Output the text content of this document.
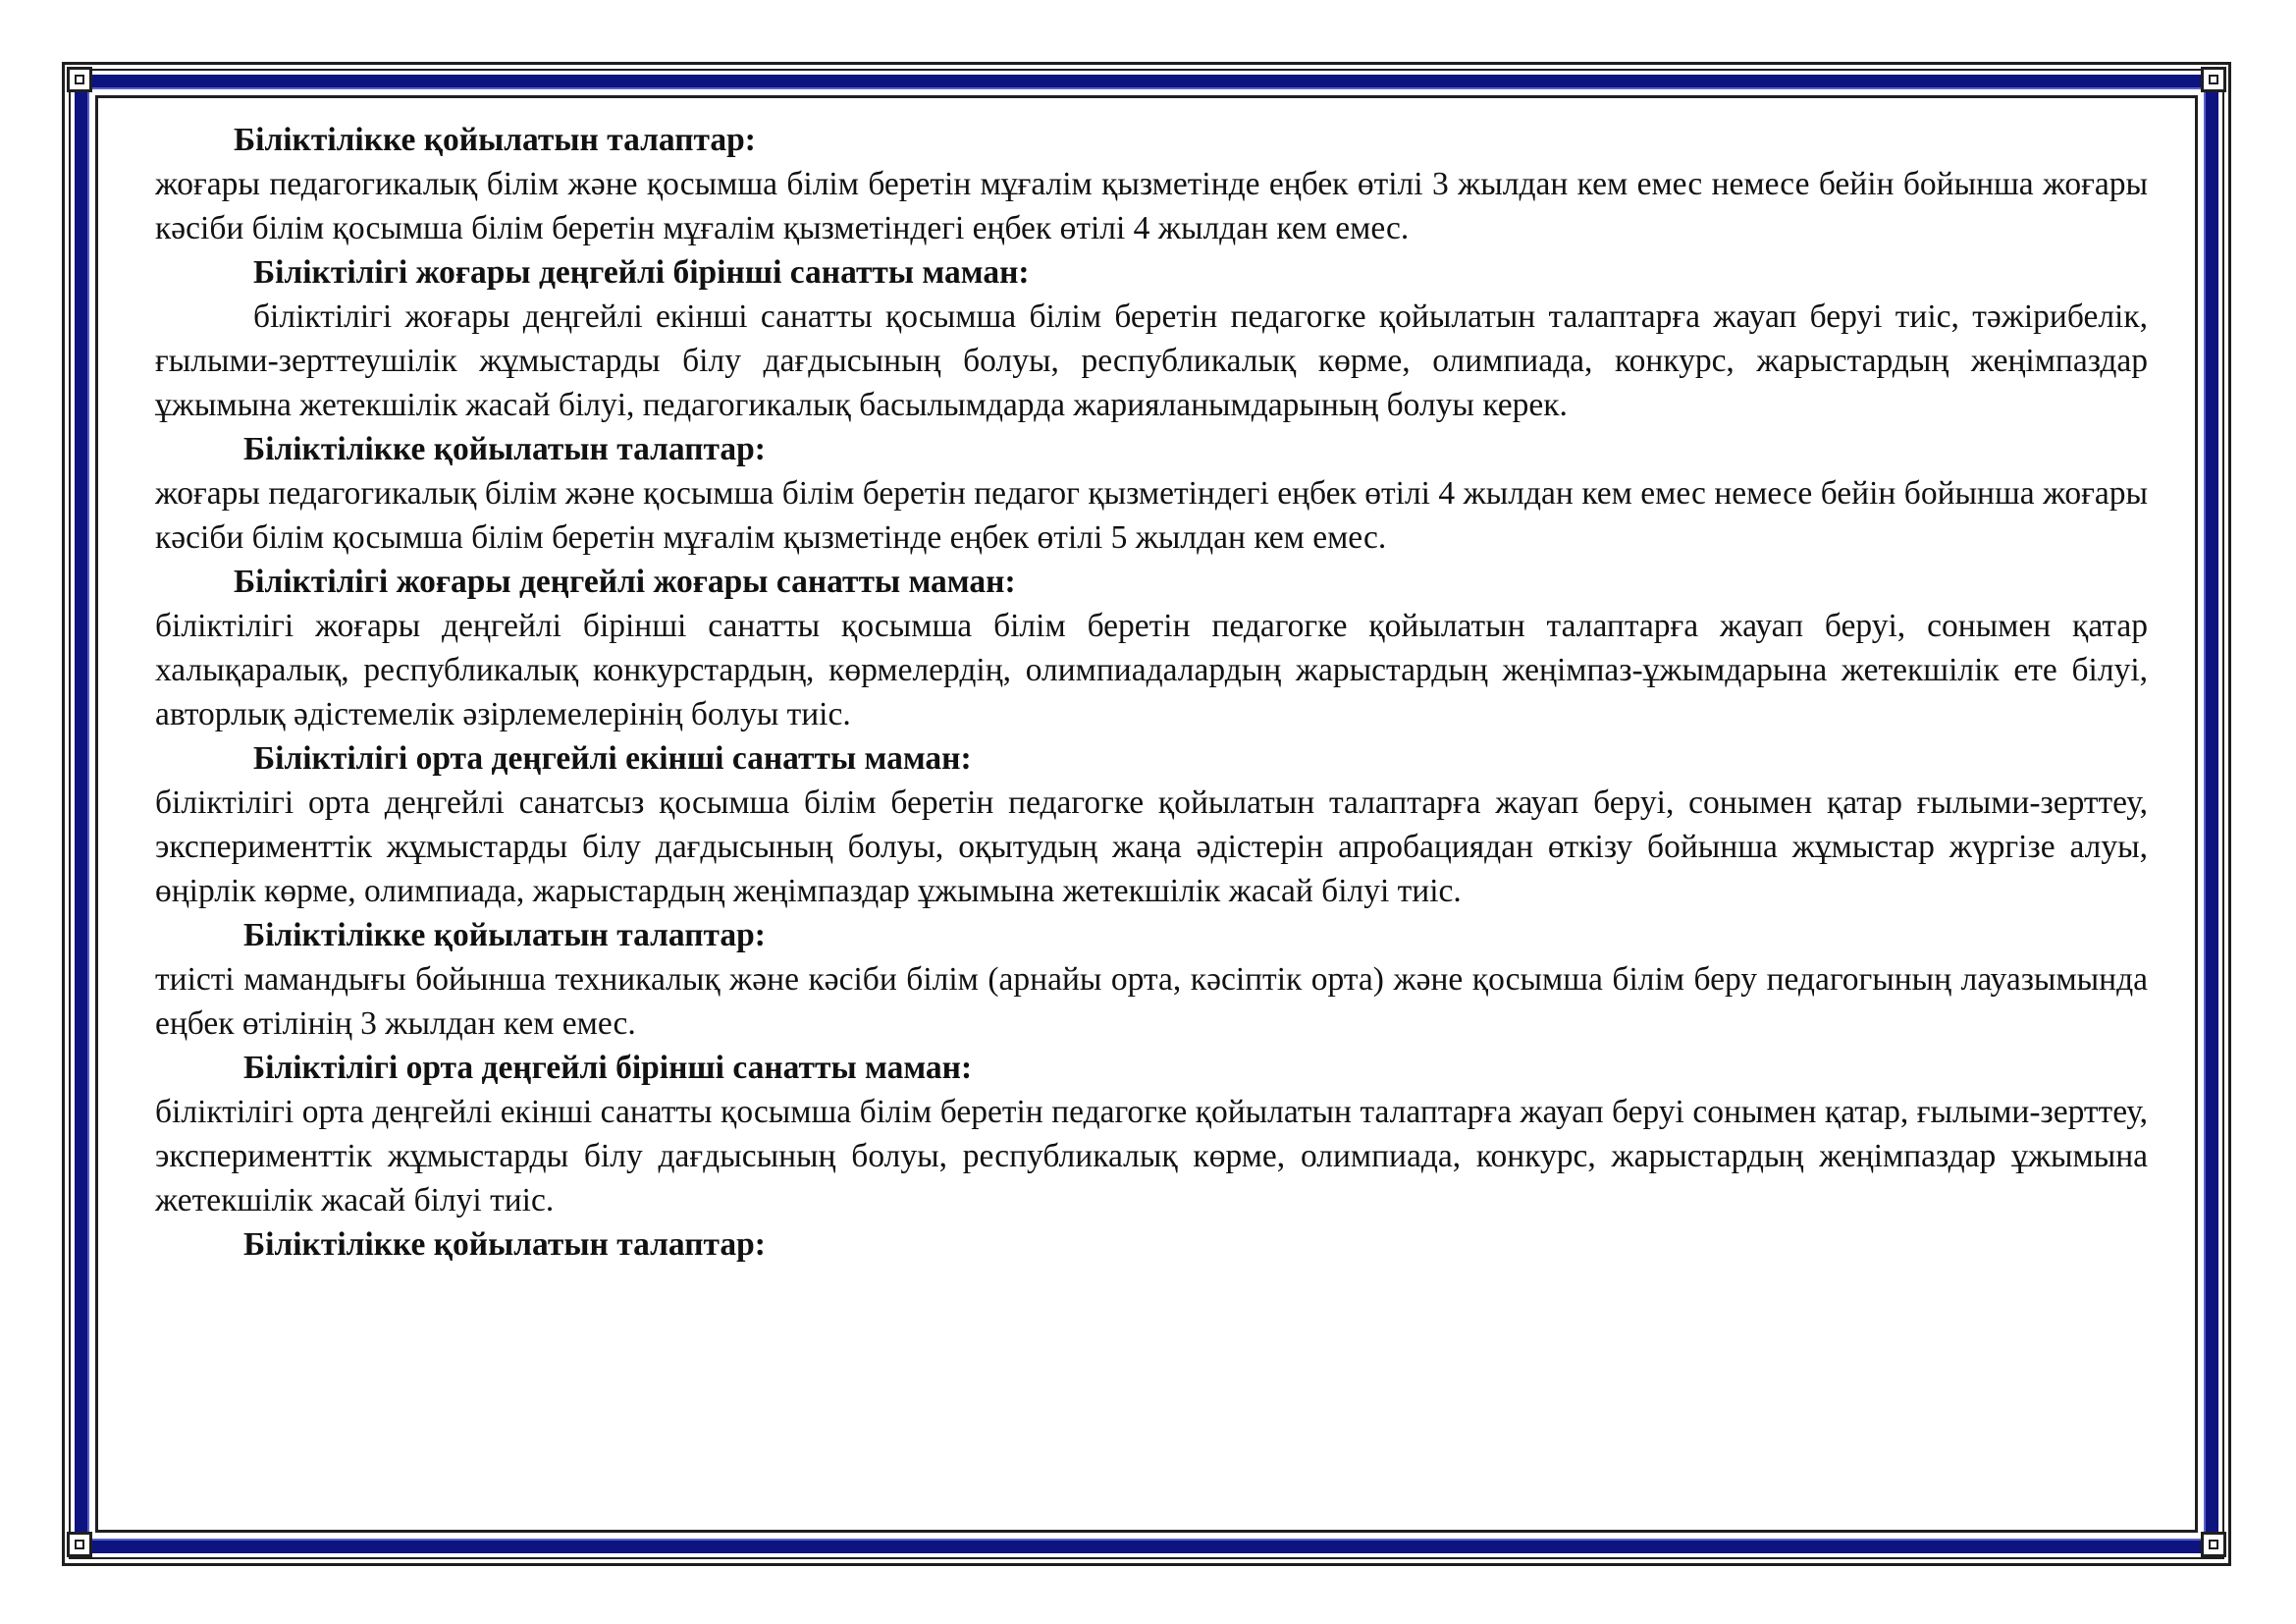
Біліктілікке қойылатын талаптар:

жоғары педагогикалық білім және қосымша білім беретін мұғалім қызметінде еңбек өтілі 3 жылдан кем емес немесе бейін бойынша жоғары кәсіби білім қосымша білім беретін мұғалім қызметіндегі еңбек өтілі 4 жылдан кем емес.

Біліктілігі жоғары деңгейлі бірінші санатты маман:

біліктілігі жоғары деңгейлі екінші санатты қосымша білім беретін педагогке қойылатын талаптарға жауап беруі тиіс, тәжірибелік, ғылыми-зерттеушілік жұмыстарды білу дағдысының болуы, республикалық көрме, олимпиада, конкурс, жарыстардың жеңімпаздар ұжымына жетекшілік жасай білуі, педагогикалық басылымдарда жарияланымдарының болуы керек.

Біліктілікке қойылатын талаптар:

жоғары педагогикалық білім және қосымша білім беретін педагог қызметіндегі еңбек өтілі 4 жылдан кем емес немесе бейін бойынша жоғары кәсіби білім қосымша білім беретін мұғалім қызметінде еңбек өтілі 5 жылдан кем емес.

Біліктілігі жоғары деңгейлі жоғары санатты маман:

біліктілігі жоғары деңгейлі бірінші санатты қосымша білім беретін педагогке қойылатын талаптарға жауап беруі, сонымен қатар халықаралық, республикалық конкурстардың, көрмелердің, олимпиадалардың жарыстардың жеңімпаз-ұжымдарына жетекшілік ете білуі, авторлық әдістемелік әзірлемелерінің болуы тиіс.

Біліктілігі орта деңгейлі екінші санатты маман:

біліктілігі орта деңгейлі санатсыз қосымша білім беретін педагогке қойылатын талаптарға жауап беруі, сонымен қатар ғылыми-зерттеу, эксперименттік жұмыстарды білу дағдысының болуы, оқытудың жаңа әдістерін апробациядан өткізу бойынша жұмыстар жүргізе алуы, өңірлік көрме, олимпиада, жарыстардың жеңімпаздар ұжымына жетекшілік жасай білуі тиіс.

Біліктілікке қойылатын талаптар:

тиісті мамандығы бойынша техникалық және кәсіби білім (арнайы орта, кәсіптік орта) және қосымша білім беру педагогының лауазымында еңбек өтілінің 3 жылдан кем емес.

Біліктілігі орта деңгейлі бірінші санатты маман:

біліктілігі орта деңгейлі екінші санатты қосымша білім беретін педагогке қойылатын талаптарға жауап беруі сонымен қатар, ғылыми-зерттеу, эксперименттік жұмыстарды білу дағдысының болуы, республикалық көрме, олимпиада, конкурс, жарыстардың жеңімпаздар ұжымына жетекшілік жасай білуі тиіс.

Біліктілікке қойылатын талаптар:
